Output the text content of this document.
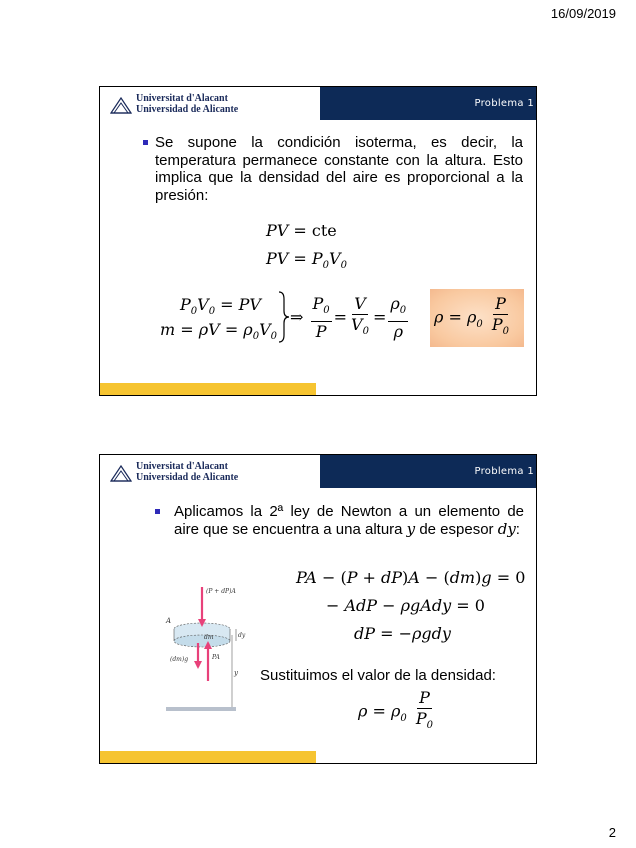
16/09/2019
Universitat d'Alacant
Universidad de Alicante
Problema 1
Se supone la condición isoterma, es decir, la temperatura permanece constante con la altura. Esto implica que la densidad del aire es proporcional a la presión:
PV = cte
PV = $P_0V_0$
$P_0V_0$ = PV
$m = \rho V = \rho_0V_0$
⇒ $\frac{P_0}{P} = \frac{V}{V_0} = \frac{\rho_0}{\rho}$ $\rho = \rho_0 \frac{P}{P_0}$
Universitat d'Alacant
Universidad de Alicante
Problema 1
Aplicamos la 2ª ley de Newton a un elemento de aire que se encuentra a una altura y de espesor dy:
PA − (P + dP)A − (dm)g = 0
− AdP − ρgAdy = 0
dP = −ρgdy
(P + dP)A
A
dm	dy
(dm)g	PA
y Sustituimos el valor de la densidad:
$\rho = \rho_0 \frac{P}{P_0}$
2
